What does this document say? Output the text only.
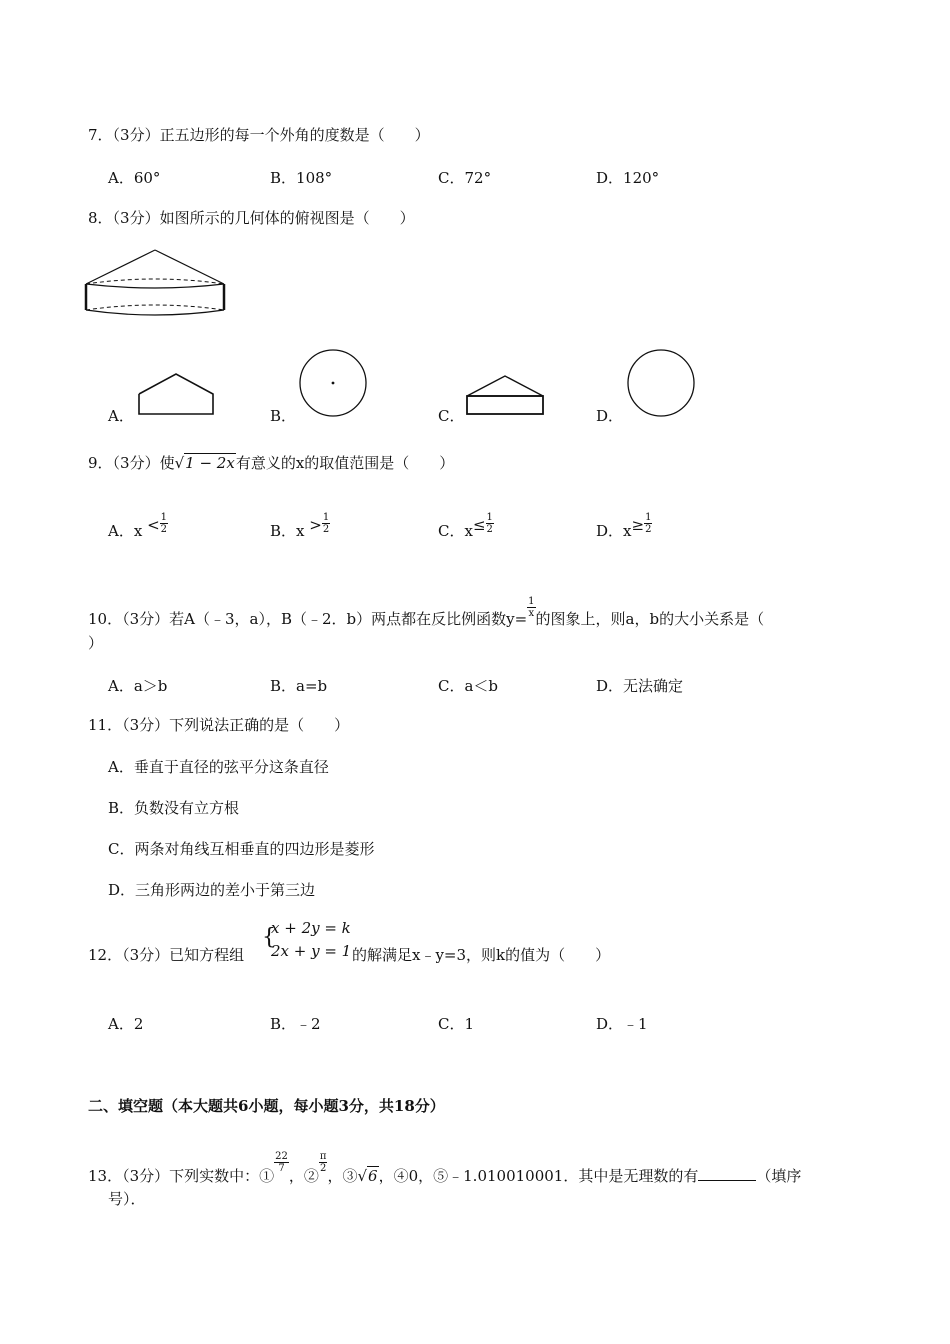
7．（3分）正五边形的每一个外角的度数是（　　）
A．60°	B．108°	C．72°	D．120°
8．（3分）如图所示的几何体的俯视图是（　　）
A．	B．	C．	D．
9．（3分）使√1 − 2x有意义的x的取值范围是（　　）
A．$x < \frac{1}{2}$	B．$x > \frac{1}{2}$	C．$x\le \frac{1}{2}$	D．$x\ge \frac{1}{2}$
10．（3分）若A（﹣3，a），B（﹣2．b）两点都在反比例函数$y= \frac{1}{x}$ 的图象上，则a，b的大小关系是（
）
A．a＞b	B．a=b	C．a＜b	D．无法确定
11．（3分）下列说法正确的是（　　）
A．垂直于直径的弦平分这条直径
B．负数没有立方根
C．两条对角线互相垂直的四边形是菱形
D．三角形两边的差小于第三边
12．（3分）已知方程组
{
x + 2y = k
2x + y = 1 的解满足x﹣y=3，则k的值为（　　）
A．2	B．﹣2	C．1	D．﹣1
二、填空题（本大题共6小题，每小题3分，共18分）
13．（3分）下列实数中：①
$\frac{22}{7}$
，②
$\frac{\pi}{2}$
，③√6，④0，⑤﹣1.010010001．其中是无理数的有	（填序
号）．
